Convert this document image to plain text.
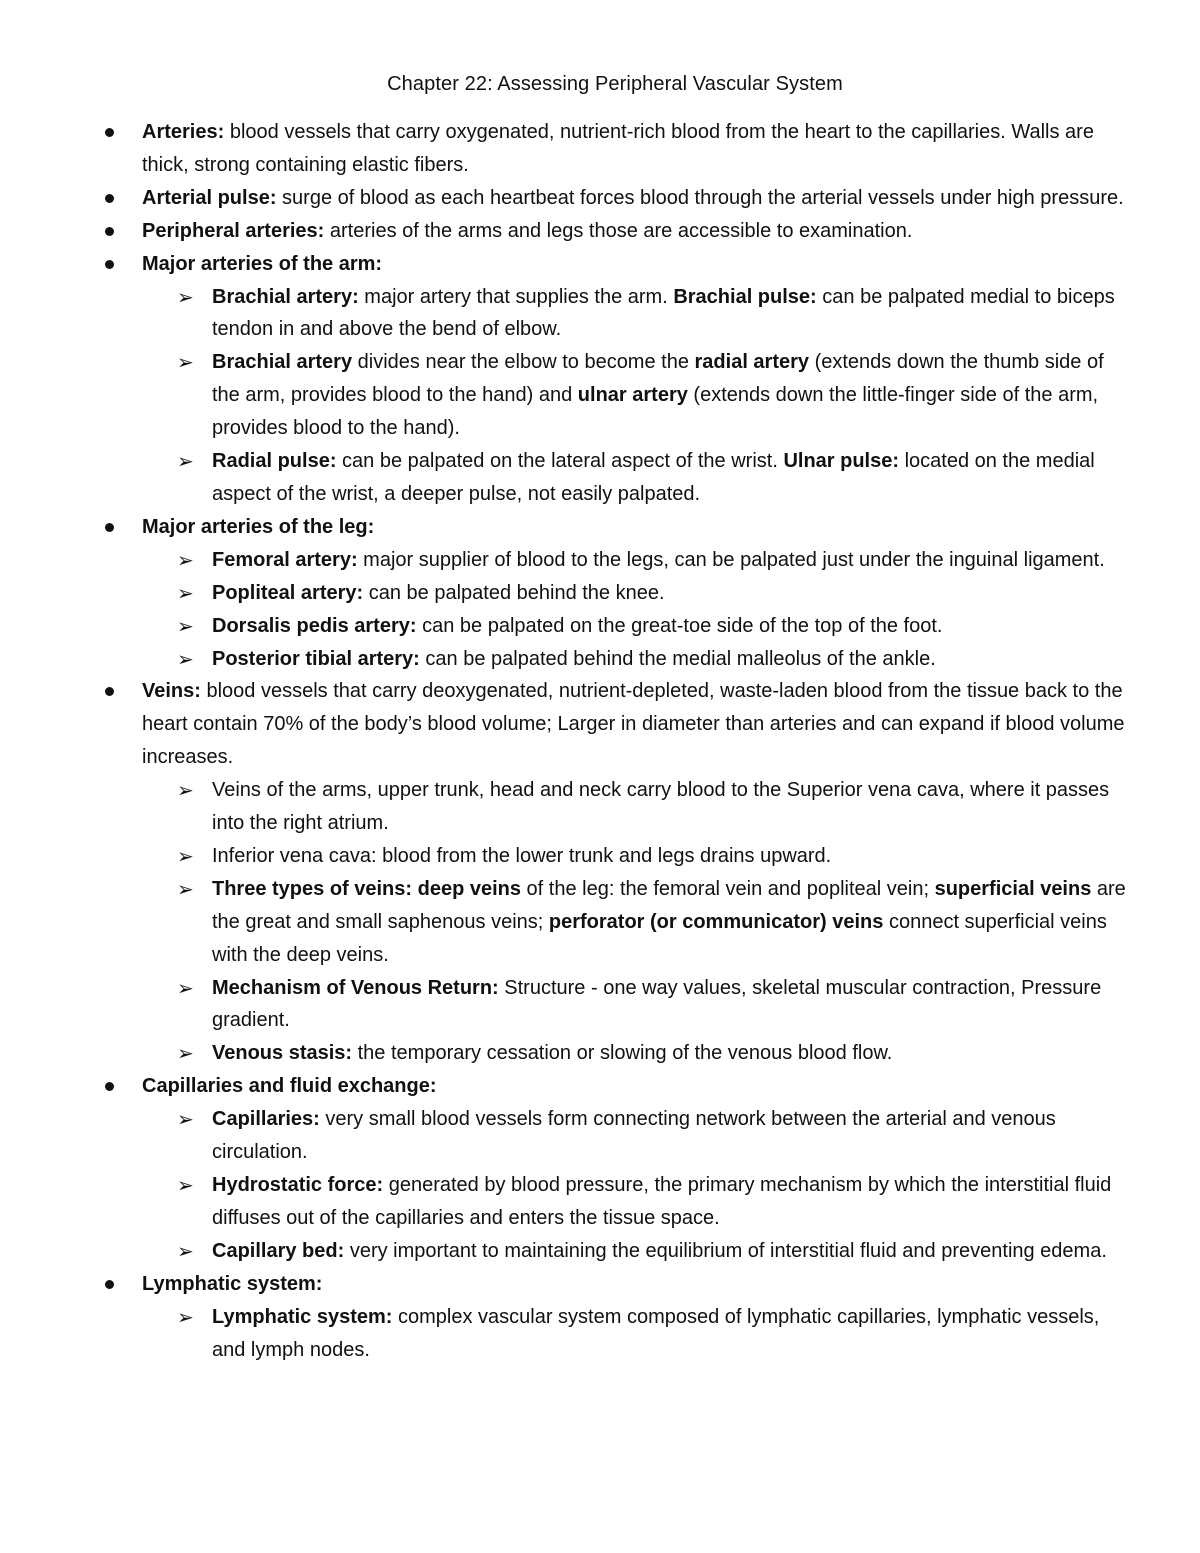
Chapter 22: Assessing Peripheral Vascular System
Arteries: blood vessels that carry oxygenated, nutrient-rich blood from the heart to the capillaries. Walls are thick, strong containing elastic fibers.
Arterial pulse: surge of blood as each heartbeat forces blood through the arterial vessels under high pressure.
Peripheral arteries: arteries of the arms and legs those are accessible to examination.
Major arteries of the arm:
➢ Brachial artery: major artery that supplies the arm. Brachial pulse: can be palpated medial to biceps tendon in and above the bend of elbow.
➢ Brachial artery divides near the elbow to become the radial artery (extends down the thumb side of the arm, provides blood to the hand) and ulnar artery (extends down the little-finger side of the arm, provides blood to the hand).
➢ Radial pulse: can be palpated on the lateral aspect of the wrist. Ulnar pulse: located on the medial aspect of the wrist, a deeper pulse, not easily palpated.
Major arteries of the leg:
➢ Femoral artery: major supplier of blood to the legs, can be palpated just under the inguinal ligament.
➢ Popliteal artery: can be palpated behind the knee.
➢ Dorsalis pedis artery: can be palpated on the great-toe side of the top of the foot.
➢ Posterior tibial artery: can be palpated behind the medial malleolus of the ankle.
Veins: blood vessels that carry deoxygenated, nutrient-depleted, waste-laden blood from the tissue back to the heart contain 70% of the body’s blood volume; Larger in diameter than arteries and can expand if blood volume increases.
➢ Veins of the arms, upper trunk, head and neck carry blood to the Superior vena cava, where it passes into the right atrium.
➢ Inferior vena cava: blood from the lower trunk and legs drains upward.
➢ Three types of veins: deep veins of the leg: the femoral vein and popliteal vein; superficial veins are the great and small saphenous veins; perforator (or communicator) veins connect superficial veins with the deep veins.
➢ Mechanism of Venous Return: Structure - one way values, skeletal muscular contraction, Pressure gradient.
➢ Venous stasis: the temporary cessation or slowing of the venous blood flow.
Capillaries and fluid exchange:
➢ Capillaries: very small blood vessels form connecting network between the arterial and venous circulation.
➢ Hydrostatic force: generated by blood pressure, the primary mechanism by which the interstitial fluid diffuses out of the capillaries and enters the tissue space.
➢ Capillary bed: very important to maintaining the equilibrium of interstitial fluid and preventing edema.
Lymphatic system:
➢ Lymphatic system: complex vascular system composed of lymphatic capillaries, lymphatic vessels, and lymph nodes.
